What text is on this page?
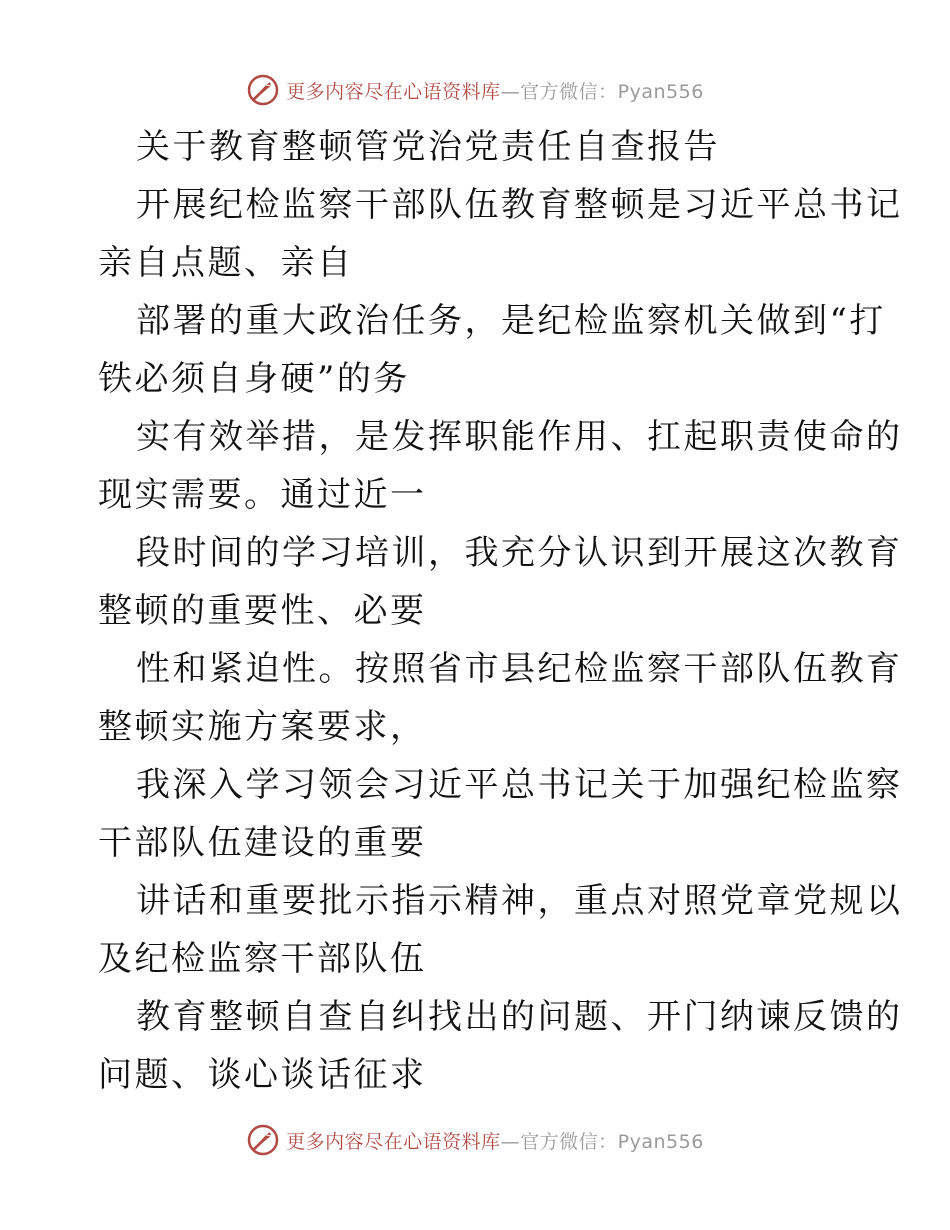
更多内容尽在心语资料库—官方微信：Pyan556
关于教育整顿管党治党责任自查报告
开展纪检监察干部队伍教育整顿是习近平总书记
亲自点题、亲自
部署的重大政治任务，是纪检监察机关做到“打
铁必须自身硬”的务
实有效举措，是发挥职能作用、扛起职责使命的
现实需要。通过近一
段时间的学习培训，我充分认识到开展这次教育
整顿的重要性、必要
性和紧迫性。按照省市县纪检监察干部队伍教育
整顿实施方案要求，
我深入学习领会习近平总书记关于加强纪检监察
干部队伍建设的重要
讲话和重要批示指示精神，重点对照党章党规以
及纪检监察干部队伍
教育整顿自查自纠找出的问题、开门纳谏反馈的
问题、谈心谈话征求
更多内容尽在心语资料库—官方微信：Pyan556
